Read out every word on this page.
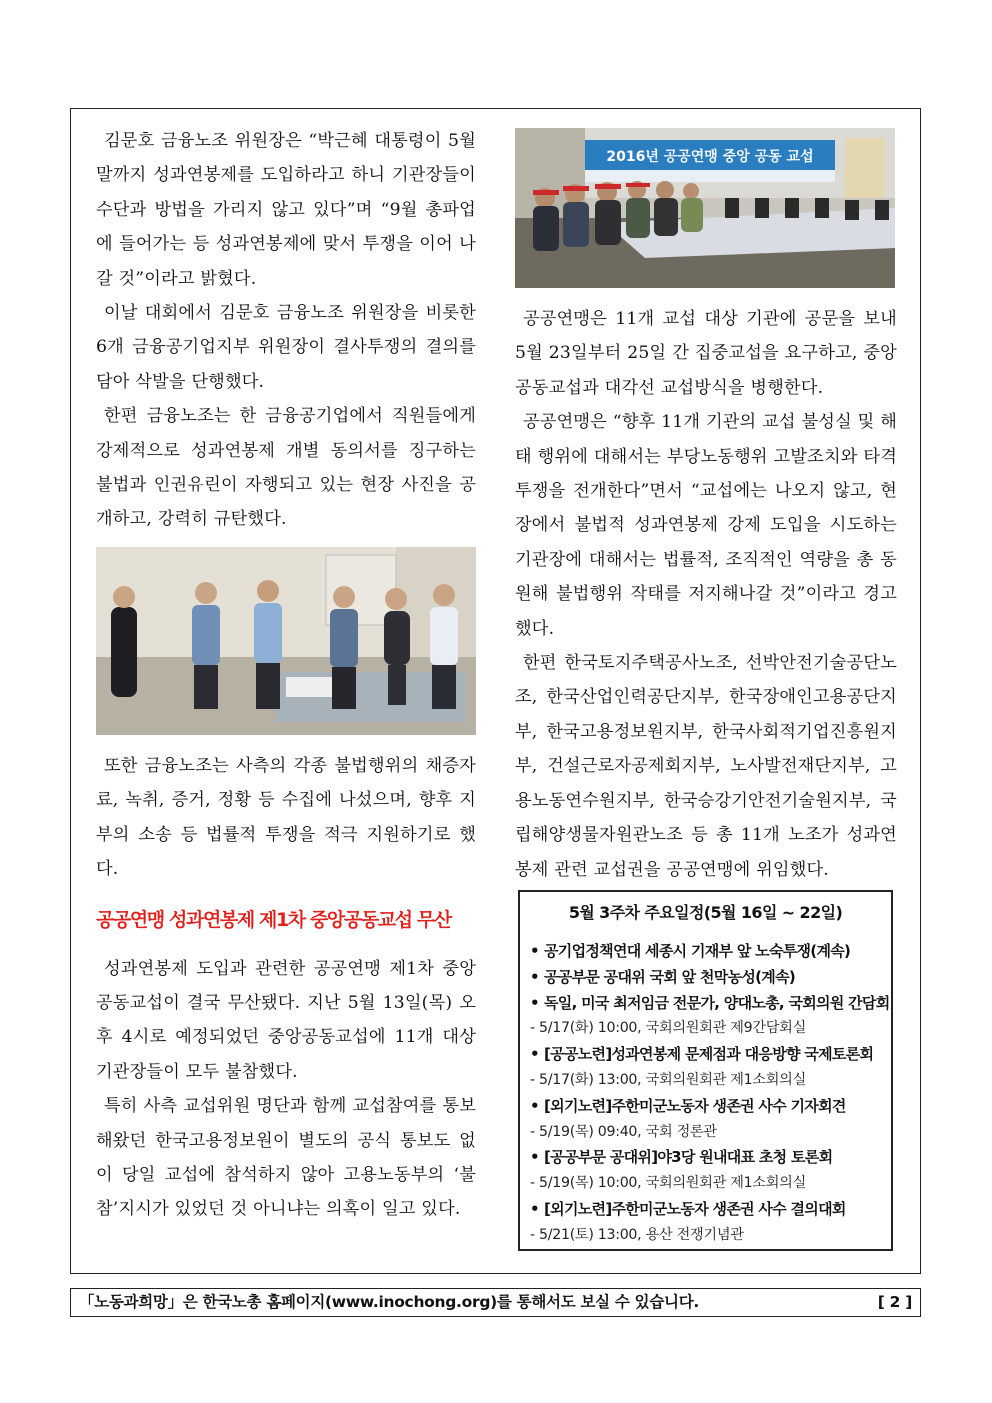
김문호 금융노조 위원장은 “박근혜 대통령이 5월 말까지 성과연봉제를 도입하라고 하니 기관장들이 수단과 방법을 가리지 않고 있다”며 “9월 총파업에 들어가는 등 성과연봉제에 맞서 투쟁을 이어 나갈 것”이라고 밝혔다.

이날 대회에서 김문호 금융노조 위원장을 비롯한 6개 금융공기업지부 위원장이 결사투쟁의 결의를 담아 삭발을 단행했다.

한편 금융노조는 한 금융공기업에서 직원들에게 강제적으로 성과연봉제 개별 동의서를 징구하는 불법과 인권유린이 자행되고 있는 현장 사진을 공개하고, 강력히 규탄했다.

또한 금융노조는 사측의 각종 불법행위의 채증자료, 녹취, 증거, 정황 등 수집에 나섰으며, 향후 지부의 소송 등 법률적 투쟁을 적극 지원하기로 했다.

공공연맹 성과연봉제 제1차 중앙공동교섭 무산

성과연봉제 도입과 관련한 공공연맹 제1차 중앙공동교섭이 결국 무산됐다. 지난 5월 13일(목) 오후 4시로 예정되었던 중앙공동교섭에 11개 대상 기관장들이 모두 불참했다.

특히 사측 교섭위원 명단과 함께 교섭참여를 통보해왔던 한국고용정보원이 별도의 공식 통보도 없이 당일 교섭에 참석하지 않아 고용노동부의 ‘불참’지시가 있었던 것 아니냐는 의혹이 일고 있다.

2016년 공공연맹 중앙 공동 교섭

공공연맹은 11개 교섭 대상 기관에 공문을 보내 5월 23일부터 25일 간 집중교섭을 요구하고, 중앙공동교섭과 대각선 교섭방식을 병행한다.

공공연맹은 “향후 11개 기관의 교섭 불성실 및 해태 행위에 대해서는 부당노동행위 고발조치와 타격투쟁을 전개한다”면서 “교섭에는 나오지 않고, 현장에서 불법적 성과연봉제 강제 도입을 시도하는 기관장에 대해서는 법률적, 조직적인 역량을 총 동원해 불법행위 작태를 저지해나갈 것”이라고 경고했다.

한편 한국토지주택공사노조, 선박안전기술공단노조, 한국산업인력공단지부, 한국장애인고용공단지부, 한국고용정보원지부, 한국사회적기업진흥원지부, 건설근로자공제회지부, 노사발전재단지부, 고용노동연수원지부, 한국승강기안전기술원지부, 국립해양생물자원관노조 등 총 11개 노조가 성과연봉제 관련 교섭권을 공공연맹에 위임했다.

5월 3주차 주요일정(5월 16일 ~ 22일)
• 공기업정책연대 세종시 기재부 앞 노숙투쟁(계속)
• 공공부문 공대위 국회 앞 천막농성(계속)
• 독일, 미국 최저임금 전문가, 양대노총, 국회의원 간담회
- 5/17(화) 10:00, 국회의원회관 제9간담회실
• [공공노련]성과연봉제 문제점과 대응방향 국제토론회
- 5/17(화) 13:00, 국회의원회관 제1소회의실
• [외기노련]주한미군노동자 생존권 사수 기자회견
- 5/19(목) 09:40, 국회 정론관
• [공공부문 공대위]야3당 원내대표 초청 토론회
- 5/19(목) 10:00, 국회의원회관 제1소회의실
• [외기노련]주한미군노동자 생존권 사수 결의대회
- 5/21(토) 13:00, 용산 전쟁기념관
「노동과희망」은 한국노총 홈페이지(www.inochong.org)를 통해서도 보실 수 있습니다.	[ 2 ]
